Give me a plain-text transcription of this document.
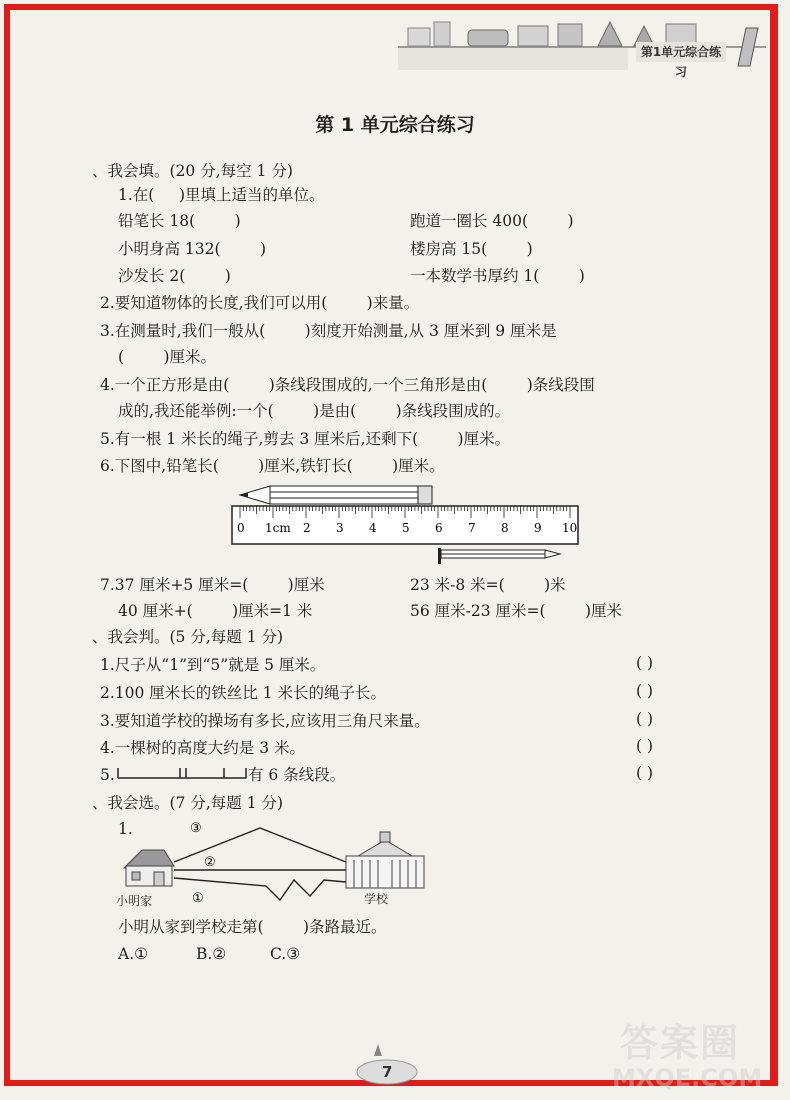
第1单元综合练习
第 1 单元综合练习
、我会填。(20 分,每空 1 分)
1.在(     )里填上适当的单位。
铅笔长 18(        )	跑道一圈长 400(        )
小明身高 132(        )	楼房高 15(        )
沙发长 2(        )	一本数学书厚约 1(        )
2.要知道物体的长度,我们可以用(        )来量。
3.在测量时,我们一般从(        )刻度开始测量,从 3 厘米到 9 厘米是
(        )厘米。
4.一个正方形是由(        )条线段围成的,一个三角形是由(        )条线段围
成的,我还能举例:一个(        )是由(        )条线段围成的。
5.有一根 1 米长的绳子,剪去 3 厘米后,还剩下(        )厘米。
6.下图中,铅笔长(        )厘米,铁钉长(        )厘米。
0 1cm 2 3 4 5 6 7 8 9 10
7.37 厘米+5 厘米=(        )厘米	23 米-8 米=(        )米
40 厘米+(        )厘米=1 米	56 厘米-23 厘米=(        )厘米
、我会判。(5 分,每题 1 分)
1.尺子从“1”到“5”就是 5 厘米。	( )
2.100 厘米长的铁丝比 1 米长的绳子长。	( )
3.要知道学校的操场有多长,应该用三角尺来量。	( )
4.一棵树的高度大约是 3 米。	( )
5.	有 6 条线段。	( )
、我会选。(7 分,每题 1 分)
1.	③
②
①
小明家	学校
小明从家到学校走第(        )条路最近。
A.①	B.②	C.③
7
答案圈
MXQE.COM
